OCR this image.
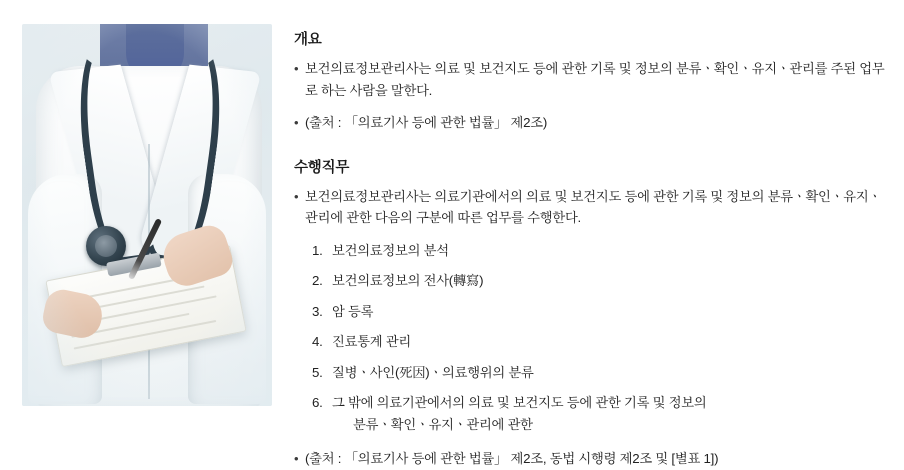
개요
• 보건의료정보관리사는 의료 및 보건지도 등에 관한 기록 및 정보의 분류ㆍ확인ㆍ유지ㆍ관리를 주된 업무로 하는 사람을 말한다.
• (출처 : 「의료기사 등에 관한 법률」 제2조)
수행직무
• 보건의료정보관리사는 의료기관에서의 의료 및 보건지도 등에 관한 기록 및 정보의 분류ㆍ확인ㆍ유지ㆍ관리에 관한 다음의 구분에 따른 업무를 수행한다.
1. 보건의료정보의 분석
2. 보건의료정보의 전사(轉寫)
3. 암 등록
4. 진료통계 관리
5. 질병ㆍ사인(死因)ㆍ의료행위의 분류
6. 그 밖에 의료기관에서의 의료 및 보건지도 등에 관한 기록 및 정보의
분류ㆍ확인ㆍ유지ㆍ관리에 관한
• (출처 : 「의료기사 등에 관한 법률」 제2조, 동법 시행령 제2조 및 [별표 1])
